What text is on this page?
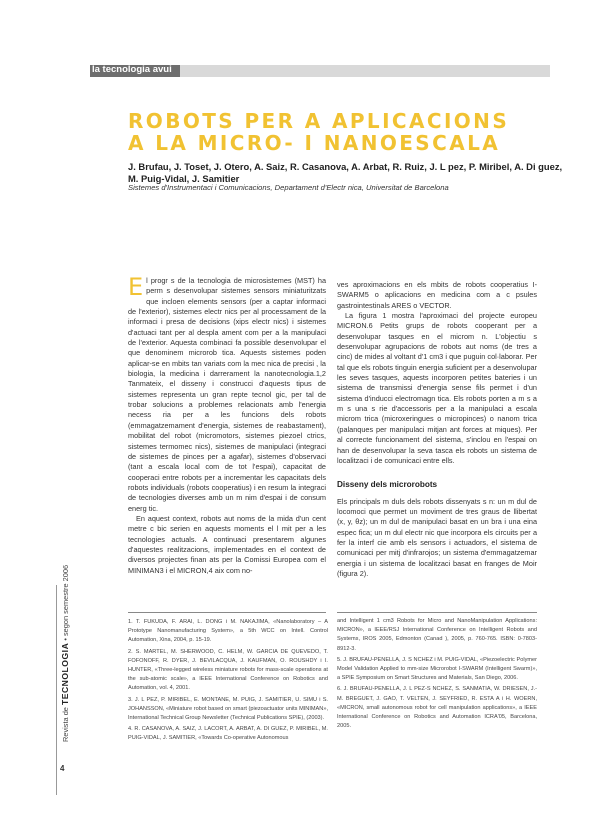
la tecnologia avui
ROBOTS PER A APLICACIONS
A LA MICRO- I NANOESCALA
J. Brufau, J. Toset, J. Otero, A. Saiz, R. Casanova, A. Arbat, R. Ruiz, J. L pez, P. Miribel, A. Di guez, M. Puig-Vidal, J. Samitier
Sistemes d'Instrumentaci i Comunicacions, Departament d'Electr nica, Universitat de Barcelona

El progr s de la tecnologia de microsistemes (MST) ha perm s desenvolupar sistemes sensors miniaturitzats que incloen elements sensors (per a captar informaci de l'exterior), sistemes electr nics per al processament de la informaci i presa de decisions (xips electr nics) i sistemes d'actuaci tant per al despla ament com per a la manipulaci de l'exterior. Aquesta combinaci fa possible desenvolupar el que denominem microrob tica. Aquests sistemes poden aplicar-se en mbits tan variats com la mec nica de precisi , la biologia, la medicina i darrerament la nanotecnologia.1,2 Tanmateix, el disseny i construcci d'aquests tipus de sistemes representa un gran repte tecnol gic, per tal de trobar solucions a problemes relacionats amb l'energia necess ria per a les funcions dels robots (emmagatzemament d'energia, sistemes de reabastament), mobilitat del robot (micromotors, sistemes piezoel ctrics, sistemes termomec nics), sistemes de manipulaci (integraci de sistemes de pinces per a agafar), sistemes d'observaci (tant a escala local com de tot l'espai), capacitat de cooperaci entre robots per a incrementar les capacitats dels robots individuals (robots cooperatius) i en resum la integraci de tecnologies diverses amb un m nim d'espai i de consum energ tic.

En aquest context, robots aut noms de la mida d'un cent metre c bic serien en aquests moments el l mit per a les tecnologies actuals. A continuaci presentarem algunes d'aquestes realitzacions, implementades en el context de diversos projectes finan ats per la Comissi Europea com el MINIMAN3 i el MICRON,4 aix com no-

ves aproximacions en els mbits de robots cooperatius I-SWARM5 o aplicacions en medicina com a c psules gastrointestinals ARES o VECTOR.

La figura 1 mostra l'aproximaci del projecte europeu MICRON.6 Petits grups de robots cooperant per a desenvolupar tasques en el microm n. L'objectiu s desenvolupar agrupacions de robots aut noms (de tres a cinc) de mides al voltant d'1 cm3 i que puguin col·laborar. Per tal que els robots tinguin energia suficient per a desenvolupar les seves tasques, aquests incorporen petites bateries i un sistema de transmissi d'energia sense fils permet i d'un sistema d'inducci electromagn tica. Els robots porten a m s a m s una s rie d'accessoris per a la manipulaci a escala microm trica (microxeringues o micropinces) o nanom trica (palanques per manipulaci mitjan ant forces at miques). Per al correcte funcionament del sistema, s'inclou en l'espai on han de desenvolupar la seva tasca els robots un sistema de localitzaci i de comunicaci entre ells.

Disseny dels microrobots

Els principals m duls dels robots dissenyats s n: un m dul de locomoci que permet un moviment de tres graus de llibertat (x, y, θz); un m dul de manipulaci basat en un bra i una eina espec fica; un m dul electr nic que incorpora els circuits per a fer la interf cie amb els sensors i actuadors, el sistema de comunicaci per mitj d'infrarojos; un sistema d'emmagatzemar energia i un sistema de localitzaci basat en franges de Moir (figura 2).

1. T. FUKUDA, F. ARAI, L. DONG i M. NAKAJIMA, «Nanolaboratory – A Prototype Nanomanufacturing System», a 5th WCC on Intell. Control Automation, Xina, 2004, p. 15-19.

2. S. MARTEL, M. SHERWOOD, C. HELM, W. GARCIA DE QUEVEDO, T. FOFONOFF, R. DYER, J. BEVILACQUA, J. KAUFMAN, O. ROUSHDY i I. HUNTER, «Three-legged wireless miniature robots for mass-scale operations at the sub-atomic scale», a IEEE International Conference on Robotics and Automation, vol. 4, 2001.

3. J. L PEZ, P. MIRIBEL, E. MONTANE, M. PUIG, J. SAMITIER, U. SIMU i S. JOHANSSON, «Miniature robot based on smart (piezoactuator units MINIMAN», International Technical Group Newsletter (Technical Publications SPIE), (2003).

4. R. CASANOVA, A. SAIZ, J. LACORT, A. ARBAT, A. DI GUEZ, P. MIRIBEL, M. PUIG-VIDAL, J. SAMITIER, «Towards Co-operative Autonomous

and Intelligent 1 cm3 Robots for Micro and NanoManipulation Applications: MICRON», a IEEE/RSJ International Conference on Intelligent Robots and Systems, IROS 2005, Edmonton (Canad ), 2005, p. 760-765. ISBN: 0-7803-8912-3.

5. J. BRUFAU-PENELLA, J. S NCHEZ i M. PUIG-VIDAL, «Piezoelectric Polymer Model Validation Applied to mm-size Microrobot I-SWARM (Intelligent Swarm)», a SPIE Symposium on Smart Structures and Materials, San Diego, 2006.

6. J. BRUFAU-PENELLA, J. L PEZ-S NCHEZ, S. SANMATIA, W. DRIESEN, J.-M. BREGUET, J. GAO, T. VELTEN, J. SEYFRIED, R. ESTA A i H. WOERN, «MICRON, small autonomous robot for cell manipulation applications», a IEEE International Conference on Robotics and Automation ICRA'05, Barcelona, 2005.

Revista de TECNOLOGIA • segon semestre 2006
4
